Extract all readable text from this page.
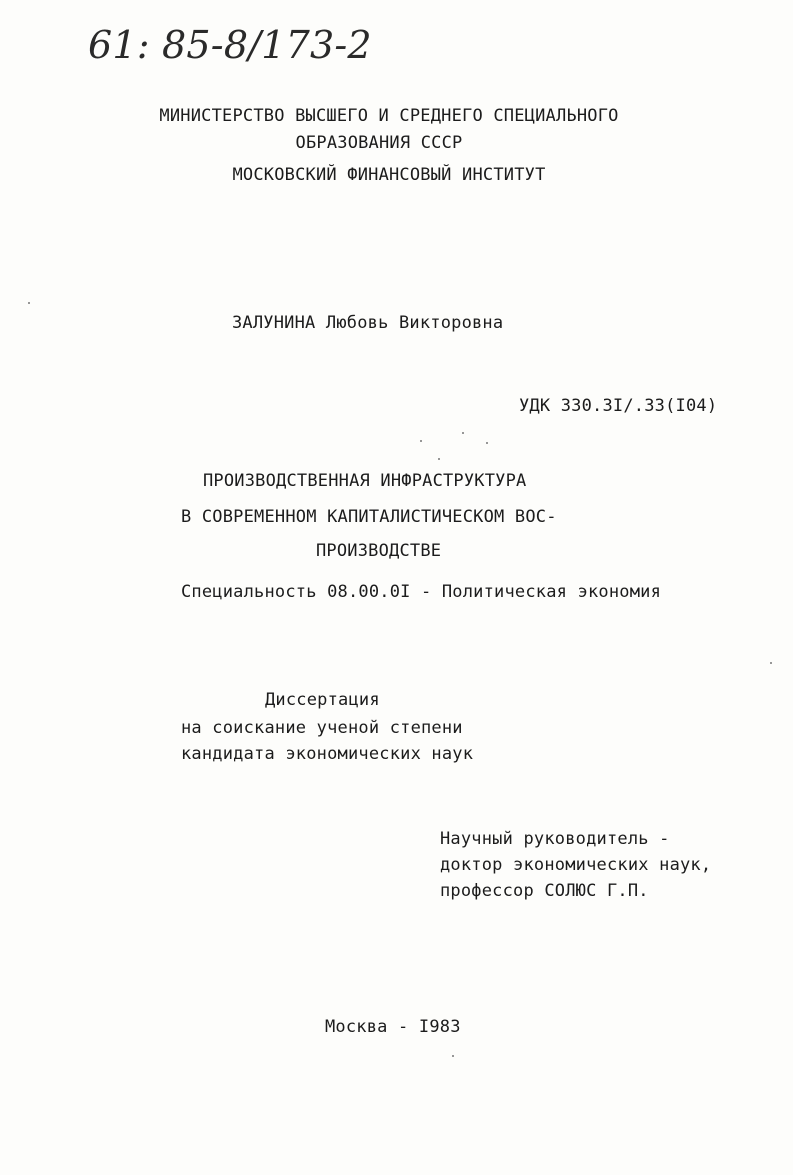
61: 85-8/173-2
МИНИСТЕРСТВО ВЫСШЕГО И СРЕДНЕГО СПЕЦИАЛЬНОГО
ОБРАЗОВАНИЯ СССР
МОСКОВСКИЙ ФИНАНСОВЫЙ ИНСТИТУТ
ЗАЛУНИНА Любовь Викторовна
УДК 330.3I/.33(I04)
ПРОИЗВОДСТВЕННАЯ ИНФРАСТРУКТУРА
В СОВРЕМЕННОМ КАПИТАЛИСТИЧЕСКОМ ВОС-
ПРОИЗВОДСТВЕ
Специальность 08.00.0I - Политическая экономия
Диссертация
на соискание ученой степени
кандидата экономических наук
Научный руководитель -
доктор экономических наук,
профессор СОЛЮС Г.П.
Москва - I983
